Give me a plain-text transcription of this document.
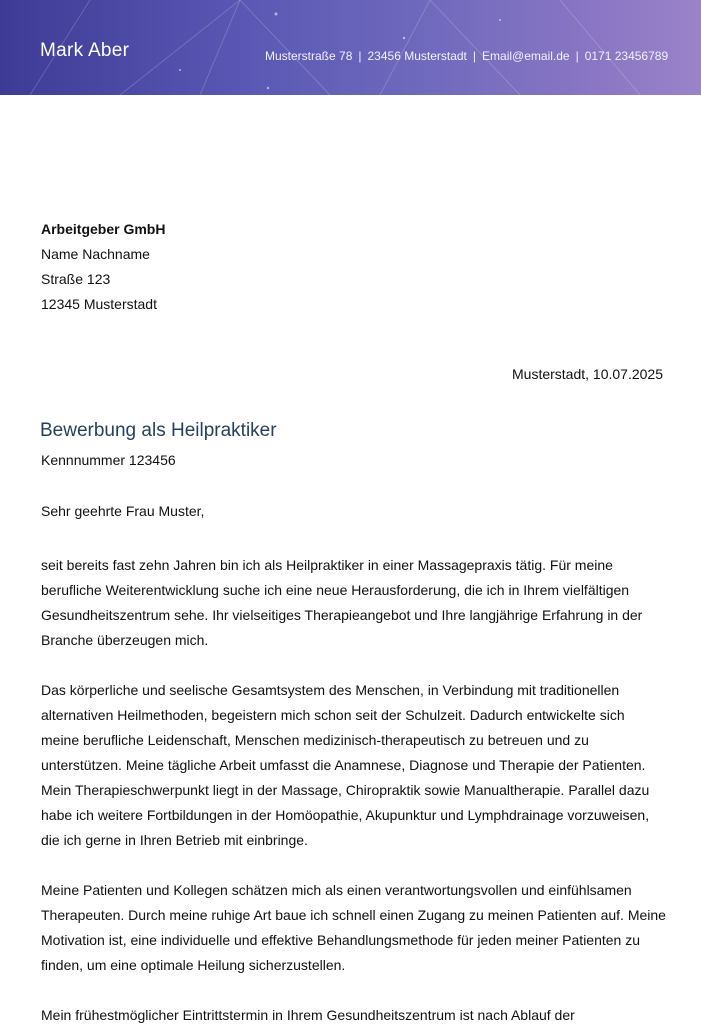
Mark Aber	Musterstraße 78 | 23456 Musterstadt | Email@email.de | 0171 23456789
Arbeitgeber GmbH
Name Nachname
Straße 123
12345 Musterstadt
Musterstadt, 10.07.2025
Bewerbung als Heilpraktiker
Kennnummer 123456
Sehr geehrte Frau Muster,

seit bereits fast zehn Jahren bin ich als Heilpraktiker in einer Massagepraxis tätig. Für meine berufliche Weiterentwicklung suche ich eine neue Herausforderung, die ich in Ihrem vielfältigen Gesundheitszentrum sehe. Ihr vielseitiges Therapieangebot und Ihre langjährige Erfahrung in der Branche überzeugen mich.

Das körperliche und seelische Gesamtsystem des Menschen, in Verbindung mit traditionellen alternativen Heilmethoden, begeistern mich schon seit der Schulzeit. Dadurch entwickelte sich meine berufliche Leidenschaft, Menschen medizinisch-therapeutisch zu betreuen und zu unterstützen. Meine tägliche Arbeit umfasst die Anamnese, Diagnose und Therapie der Patienten. Mein Therapieschwerpunkt liegt in der Massage, Chiropraktik sowie Manualtherapie. Parallel dazu habe ich weitere Fortbildungen in der Homöopathie, Akupunktur und Lymphdrainage vorzuweisen, die ich gerne in Ihren Betrieb mit einbringe.

Meine Patienten und Kollegen schätzen mich als einen verantwortungsvollen und einfühlsamen Therapeuten. Durch meine ruhige Art baue ich schnell einen Zugang zu meinen Patienten auf. Meine Motivation ist, eine individuelle und effektive Behandlungsmethode für jeden meiner Patienten zu finden, um eine optimale Heilung sicherzustellen.

Mein frühestmöglicher Eintrittstermin in Ihrem Gesundheitszentrum ist nach Ablauf der
